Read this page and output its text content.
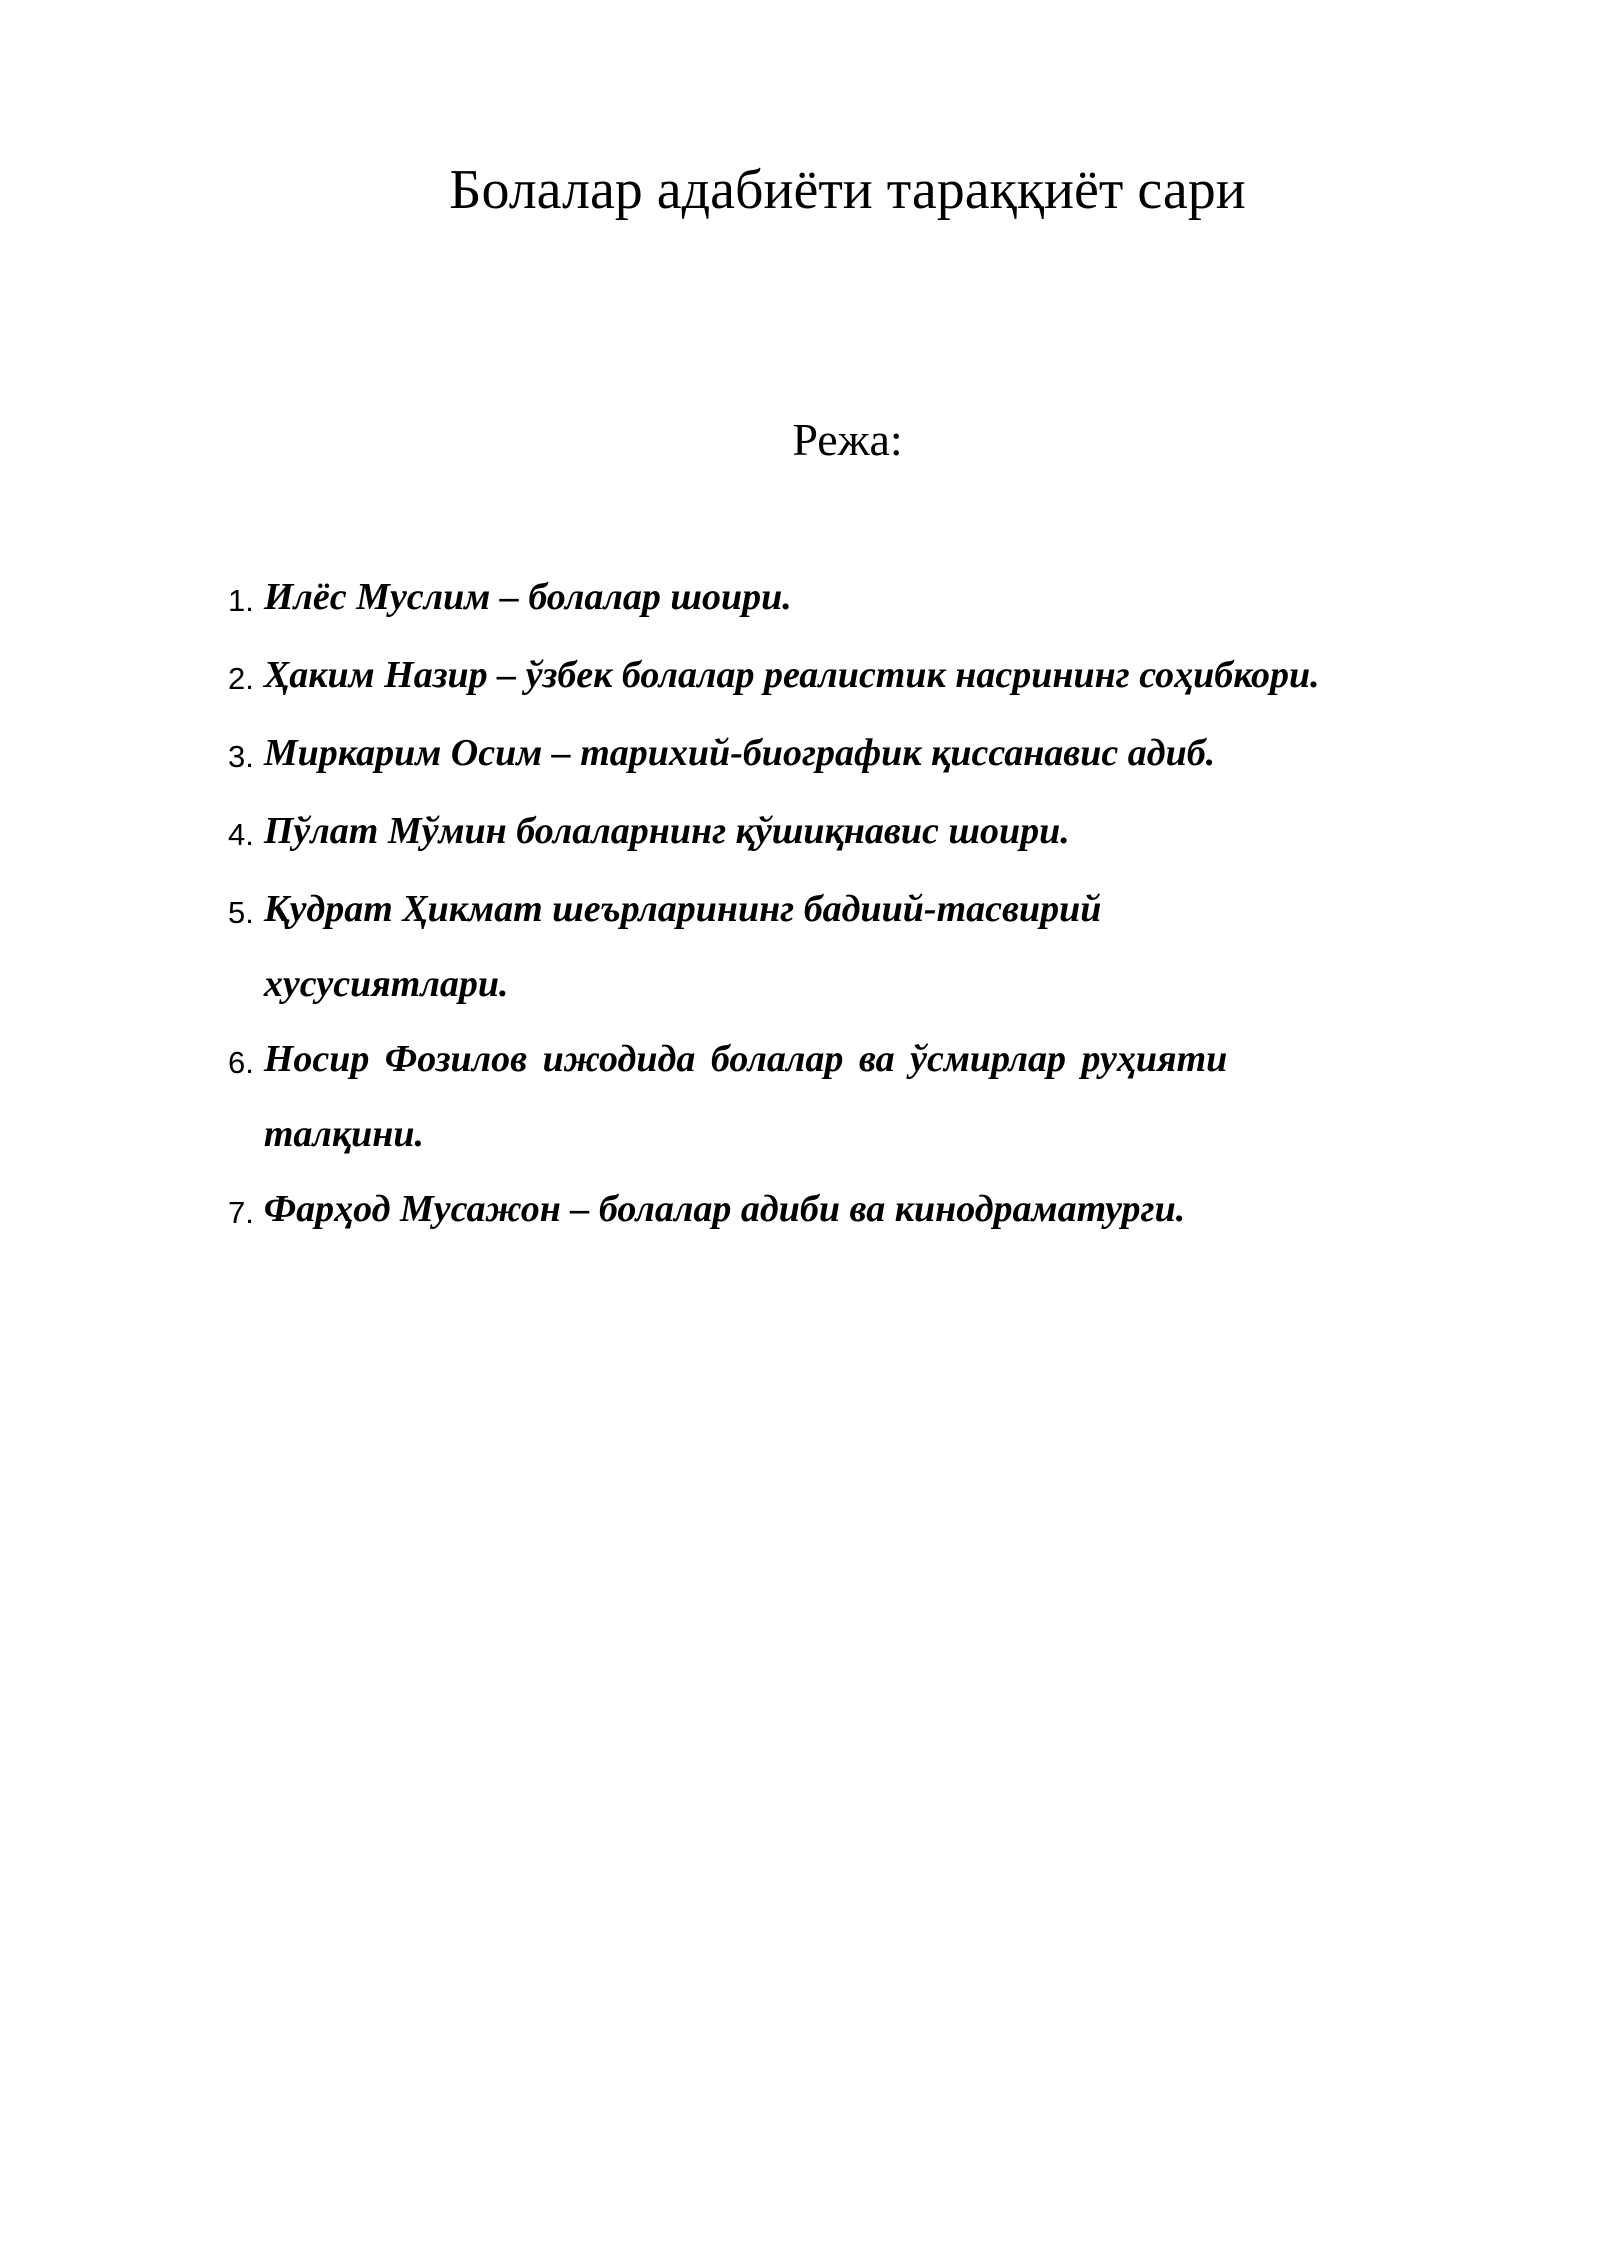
Болалар адабиёти тараққиёт сари
Режа:
1. Илёс Муслим – болалар шоири.
2. Ҳаким Назир – ўзбек болалар реалистик насрининг соҳибкори.
3. Миркарим Осим – тарихий-биографик қиссанавис адиб.
4. Пўлат Мўмин болаларнинг қўшиқнавис шоири.
5. Қудрат Ҳикмат шеърларининг бадиий-тасвирий хусусиятлари.
6. Носир Фозилов ижодида болалар ва ўсмирлар руҳияти талқини.
7. Фарҳод Мусажон – болалар адиби ва кинодраматурги.
